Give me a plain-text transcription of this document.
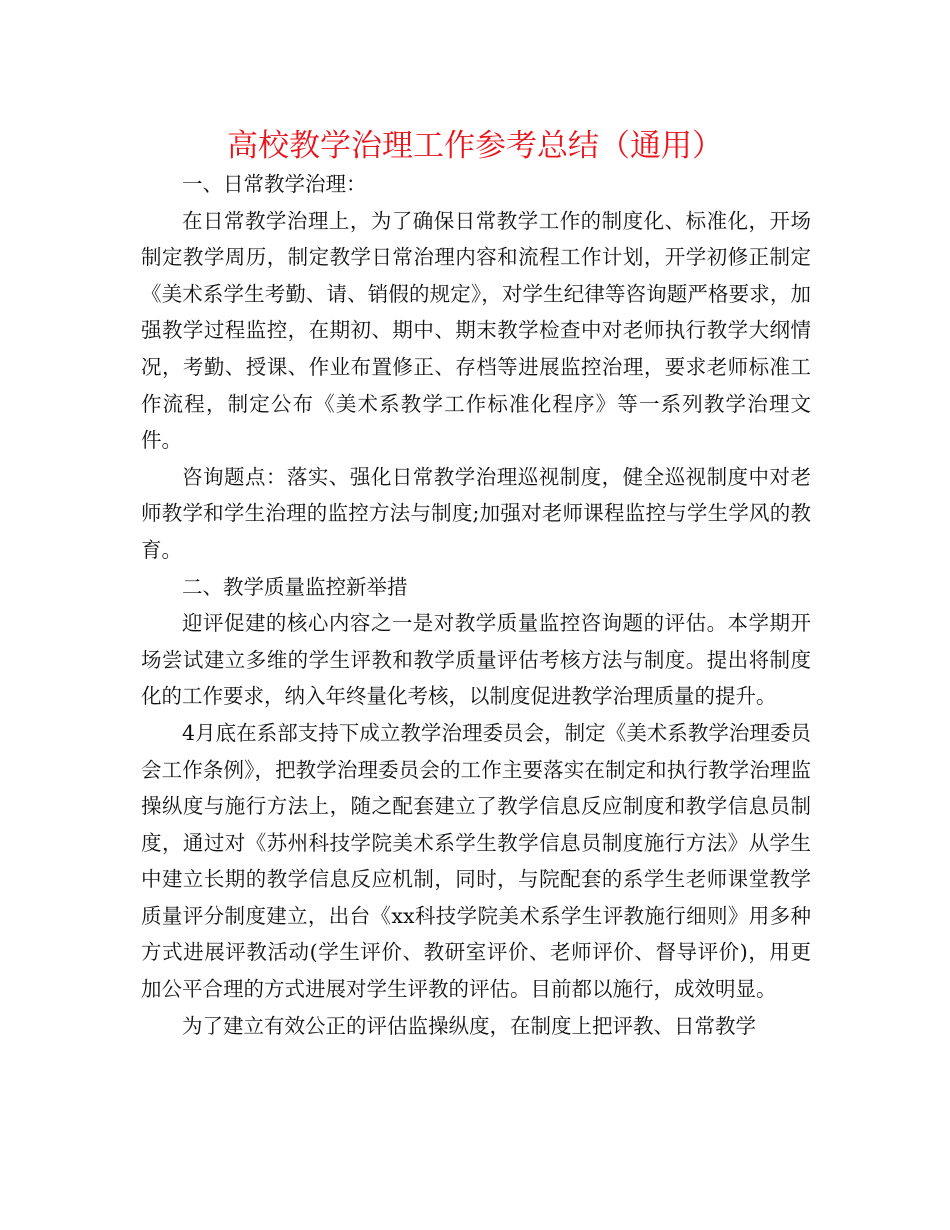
高校教学治理工作参考总结（通用）

一、日常教学治理：

在日常教学治理上，为了确保日常教学工作的制度化、标准化，开场制定教学周历，制定教学日常治理内容和流程工作计划，开学初修正制定《美术系学生考勤、请、销假的规定》，对学生纪律等咨询题严格要求，加强教学过程监控，在期初、期中、期末教学检查中对老师执行教学大纲情况，考勤、授课、作业布置修正、存档等进展监控治理，要求老师标准工作流程，制定公布《美术系教学工作标准化程序》等一系列教学治理文件。

咨询题点：落实、强化日常教学治理巡视制度，健全巡视制度中对老师教学和学生治理的监控方法与制度;加强对老师课程监控与学生学风的教育。

二、教学质量监控新举措

迎评促建的核心内容之一是对教学质量监控咨询题的评估。本学期开场尝试建立多维的学生评教和教学质量评估考核方法与制度。提出将制度化的工作要求，纳入年终量化考核，以制度促进教学治理质量的提升。

4月底在系部支持下成立教学治理委员会，制定《美术系教学治理委员会工作条例》，把教学治理委员会的工作主要落实在制定和执行教学治理监操纵度与施行方法上，随之配套建立了教学信息反应制度和教学信息员制度，通过对《苏州科技学院美术系学生教学信息员制度施行方法》从学生中建立长期的教学信息反应机制，同时，与院配套的系学生老师课堂教学质量评分制度建立，出台《xx科技学院美术系学生评教施行细则》用多种方式进展评教活动(学生评价、教研室评价、老师评价、督导评价)，用更加公平合理的方式进展对学生评教的评估。目前都以施行，成效明显。

为了建立有效公正的评估监操纵度，在制度上把评教、日常教学
